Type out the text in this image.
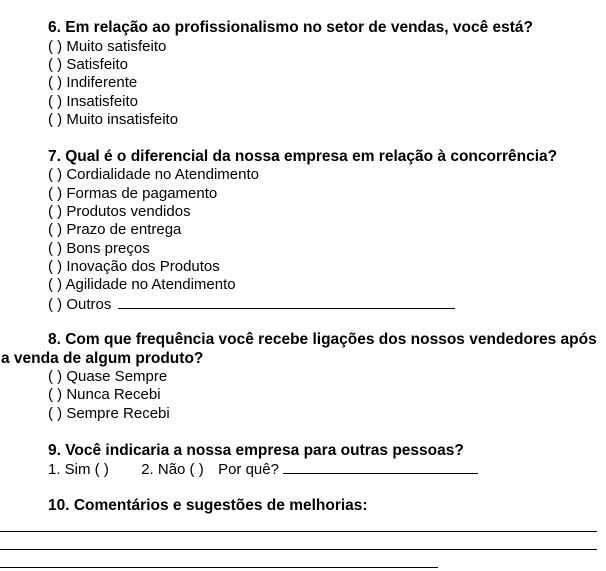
6. Em relação ao profissionalismo no setor de vendas, você está?
( ) Muito satisfeito
( ) Satisfeito
( ) Indiferente
( ) Insatisfeito
( ) Muito insatisfeito
7. Qual é o diferencial da nossa empresa em relação à concorrência?
( ) Cordialidade no Atendimento
( ) Formas de pagamento
( ) Produtos vendidos
( ) Prazo de entrega
( ) Bons preços
( ) Inovação dos Produtos
( ) Agilidade no Atendimento
( ) Outros
8. Com que frequência você recebe ligações dos nossos vendedores após
a venda de algum produto?
( ) Quase Sempre
( ) Nunca Recebi
( ) Sempre Recebi
9. Você indicaria a nossa empresa para outras pessoas?
1. Sim ( ) 2. Não ( ) Por quê?
10. Comentários e sugestões de melhorias:
